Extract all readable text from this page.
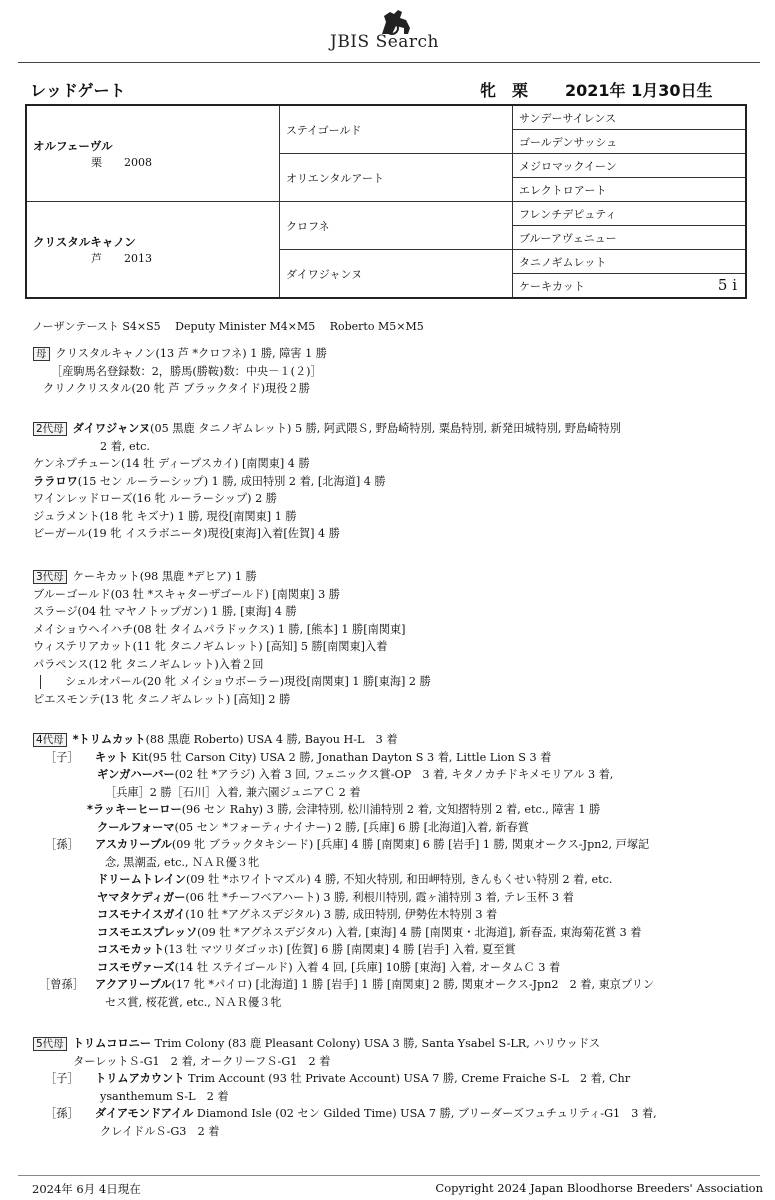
JBIS Search
レッドゲート	牝　 栗 2021年 1月30日生
オルフェーヴル
栗　　2008	ステイゴールド	サンデーサイレンス
		ゴールデンサッシュ
	オリエンタルアート	メジロマックイーン
		エレクトロアート
クリスタルキャノン
芦　　2013	クロフネ	フレンチデピュティ
		ブルーアヴェニュー
	ダイワジャンヌ	タニノギムレット
		ケーキカット 5 i
ノーザンテースト S4×S5　 Deputy Minister M4×M5　 Roberto M5×M5
母 クリスタルキャノン(13 芦 *クロフネ) 1 勝, 障害 1 勝
［産駒馬名登録数：2，勝馬(勝鞍)数：中央－１(２)］
クリノクリスタル(20 牝 芦 ブラックタイド)現役２勝
2代母 ダイワジャンヌ(05 黒鹿 タニノギムレット) 5 勝, 阿武隈Ｓ, 野島崎特別, 粟島特別, 新発田城特別, 野島崎特別
2 着, etc.
ケンネプチューン(14 牡 ディープスカイ) [南関東] 4 勝
ララロワ(15 セン ルーラーシップ) 1 勝, 成田特別 2 着, [北海道] 4 勝
ワインレッドローズ(16 牝 ルーラーシップ) 2 勝
ジュラメント(18 牝 キズナ) 1 勝, 現役[南関東] 1 勝
ビーガール(19 牝 イスラボニータ)現役[東海]入着[佐賀] 4 勝
3代母 ケーキカット(98 黒鹿 *デヒア) 1 勝
ブルーゴールド(03 牡 *スキャターザゴールド) [南関東] 3 勝
スラージ(04 牡 マヤノトップガン) 1 勝, [東海] 4 勝
メイショウヘイハチ(08 牡 タイムパラドックス) 1 勝, [熊本] 1 勝[南関東]
ウィステリアカット(11 牝 タニノギムレット) [高知] 5 勝[南関東]入着
パラペンス(12 牝 タニノギムレット)入着２回
シェルオパール(20 牝 メイショウボーラー)現役[南関東] 1 勝[東海] 2 勝
ピエスモンテ(13 牝 タニノギムレット) [高知] 2 勝
4代母 *トリムカット(88 黒鹿 Roberto) USA 4 勝, Bayou H-L　3 着
［子］ キット Kit(95 牡 Carson City) USA 2 勝, Jonathan Dayton S 3 着, Little Lion S 3 着
ギンガハーバー(02 牡 *アラジ) 入着 3 回, フェニックス賞-OP　3 着, キタノカチドキメモリアル 3 着,
［兵庫］2 勝［石川］入着, 兼六園ジュニアＣ 2 着
*ラッキーヒーロー(96 セン Rahy) 3 勝, 会津特別, 松川浦特別 2 着, 文知摺特別 2 着, etc., 障害 1 勝
クールフォーマ(05 セン *フォーティナイナー) 2 勝, [兵庫] 6 勝 [北海道]入着, 新春賞
［孫］ アスカリーブル(09 牝 ブラックタキシード) [兵庫] 4 勝 [南関東] 6 勝 [岩手] 1 勝, 関東オークス-Jpn2, 戸塚記
念, 黒潮盃, etc., ＮＡＲ優３牝
ドリームトレイン(09 牡 *ホワイトマズル) 4 勝, 不知火特別, 和田岬特別, きんもくせい特別 2 着, etc.
ヤマタケディガー(06 牡 *チーフベアハート) 3 勝, 利根川特別, 霞ヶ浦特別 3 着, テレ玉杯 3 着
コスモナイスガイ(10 牡 *アグネスデジタル) 3 勝, 成田特別, 伊勢佐木特別 3 着
コスモエスプレッソ(09 牡 *アグネスデジタル) 入着, [東海] 4 勝 [南関東・北海道], 新春盃, 東海菊花賞 3 着
コスモカット(13 牡 マツリダゴッホ) [佐賀] 6 勝 [南関東] 4 勝 [岩手] 入着, 夏至賞
コスモヴァーズ(14 牡 ステイゴールド) 入着 4 回, [兵庫] 10勝 [東海] 入着, オータムＣ 3 着
［曾孫］ アクアリーブル(17 牝 *パイロ) [北海道] 1 勝 [岩手] 1 勝 [南関東] 2 勝, 関東オークス-Jpn2　2 着, 東京プリン
セス賞, 桜花賞, etc., ＮＡＲ優３牝
5代母 トリムコロニー Trim Colony (83 鹿 Pleasant Colony) USA 3 勝, Santa Ysabel S-LR, ハリウッドス
ターレットＳ-G1　2 着, オークリーフＳ-G1　2 着
［子］ トリムアカウント Trim Account (93 牡 Private Account) USA 7 勝, Creme Fraiche S-L　2 着, Chr
ysanthemum S-L　2 着
［孫］ ダイアモンドアイル Diamond Isle (02 セン Gilded Time) USA 7 勝, ブリーダーズフュチュリティ-G1　3 着,
クレイドルＳ-G3　2 着
2024年 6月 4日現在	Copyright 2024 Japan Bloodhorse Breeders' Association
